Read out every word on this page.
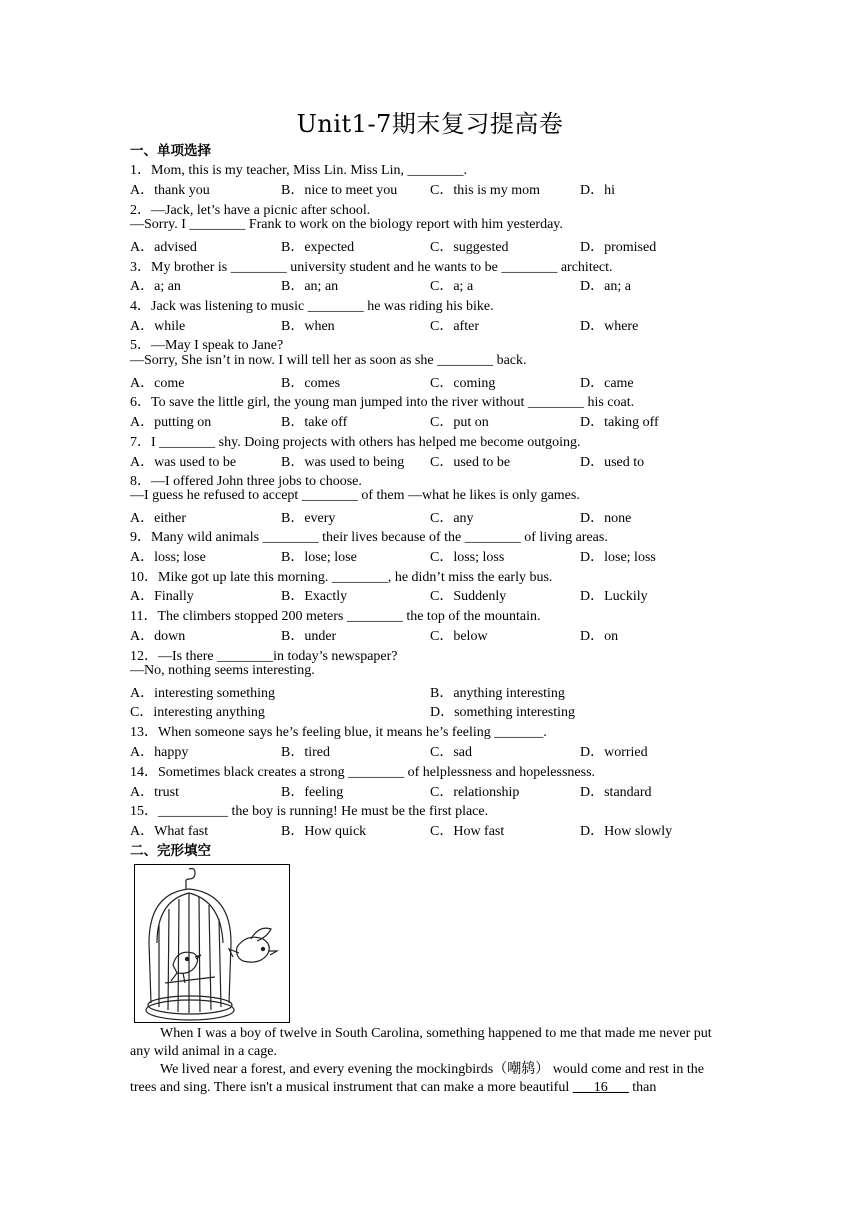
Unit1-7期末复习提高卷
一、单项选择
1．Mom, this is my teacher, Miss Lin. Miss Lin, ________.
A．thank you	B．nice to meet you C．this is my mom	D．hi
2．—Jack, let’s have a picnic after school.
—Sorry. I ________ Frank to work on the biology report with him yesterday.
A．advised	B．expected	C．suggested	D．promised
3．My brother is ________ university student and he wants to be ________ architect.
A．a; an	B．an; an	C．a; a	D．an; a
4．Jack was listening to music ________ he was riding his bike.
A．while	B．when	C．after	D．where
5．—May I speak to Jane?
—Sorry, She isn’t in now. I will tell her as soon as she ________ back.
A．come	B．comes	C．coming	D．came
6．To save the little girl, the young man jumped into the river without ________ his coat.
A．putting on	B．take off	C．put on	D．taking off
7．I ________ shy. Doing projects with others has helped me become outgoing.
A．was used to be	B．was used to being C．used to be	D．used to
8．—I offered John three jobs to choose.
—I guess he refused to accept ________ of them —what he likes is only games.
A．either	B．every	C．any	D．none
9．Many wild animals ________ their lives because of the ________ of living areas.
A．loss; lose	B．lose; lose	C．loss; loss	D．lose; loss
10．Mike got up late this morning. ________, he didn’t miss the early bus.
A．Finally	B．Exactly	C．Suddenly	D．Luckily
11．The climbers stopped 200 meters ________ the top of the mountain.
A．down	B．under	C．below	D．on
12．—Is there ________in today’s newspaper?
—No, nothing seems interesting.
A．interesting something	B．anything interesting
C．interesting anything	D．something interesting
13．When someone says he’s feeling blue, it means he’s feeling _______.
A．happy	B．tired	C．sad	D．worried
14．Sometimes black creates a strong ________ of helplessness and hopelessness.
A．trust	B．feeling	C．relationship	D．standard
15．__________ the boy is running! He must be the first place.
A．What fast	B．How quick	C．How fast	D．How slowly
二、完形填空
When I was a boy of twelve in South Carolina, something happened to me that made me never put any wild animal in a cage.
We lived near a forest, and every evening the mockingbirds（嘲鸫） would come and rest in the trees and sing. There isn't a musical instrument that can make a more beautiful ___16___ than
